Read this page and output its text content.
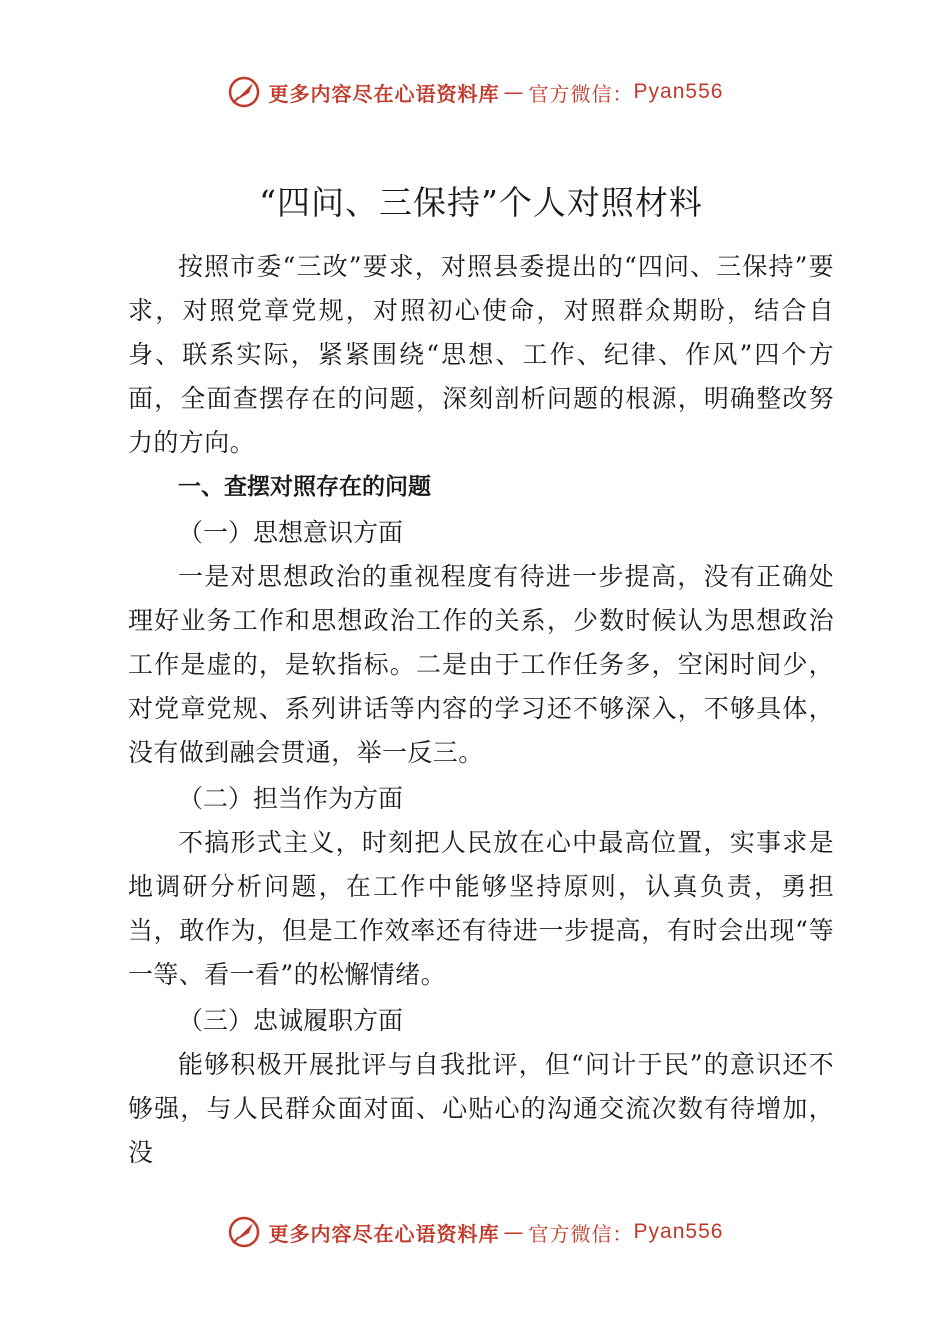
更多内容尽在心语资料库 — 官方微信： Pyan556
“四问、三保持”个人对照材料

按照市委“三改”要求，对照县委提出的“四问、三保持”要求，对照党章党规，对照初心使命，对照群众期盼，结合自身、联系实际，紧紧围绕“思想、工作、纪律、作风”四个方面，全面查摆存在的问题，深刻剖析问题的根源，明确整改努力的方向。

一、查摆对照存在的问题

（一）思想意识方面

一是对思想政治的重视程度有待进一步提高，没有正确处理好业务工作和思想政治工作的关系，少数时候认为思想政治工作是虚的，是软指标。二是由于工作任务多，空闲时间少，对党章党规、系列讲话等内容的学习还不够深入，不够具体，没有做到融会贯通，举一反三。

（二）担当作为方面

不搞形式主义，时刻把人民放在心中最高位置，实事求是地调研分析问题，在工作中能够坚持原则，认真负责，勇担当，敢作为，但是工作效率还有待进一步提高，有时会出现“等一等、看一看”的松懈情绪。

（三）忠诚履职方面

能够积极开展批评与自我批评，但“问计于民”的意识还不够强，与人民群众面对面、心贴心的沟通交流次数有待增加，没

更多内容尽在心语资料库 — 官方微信： Pyan556
